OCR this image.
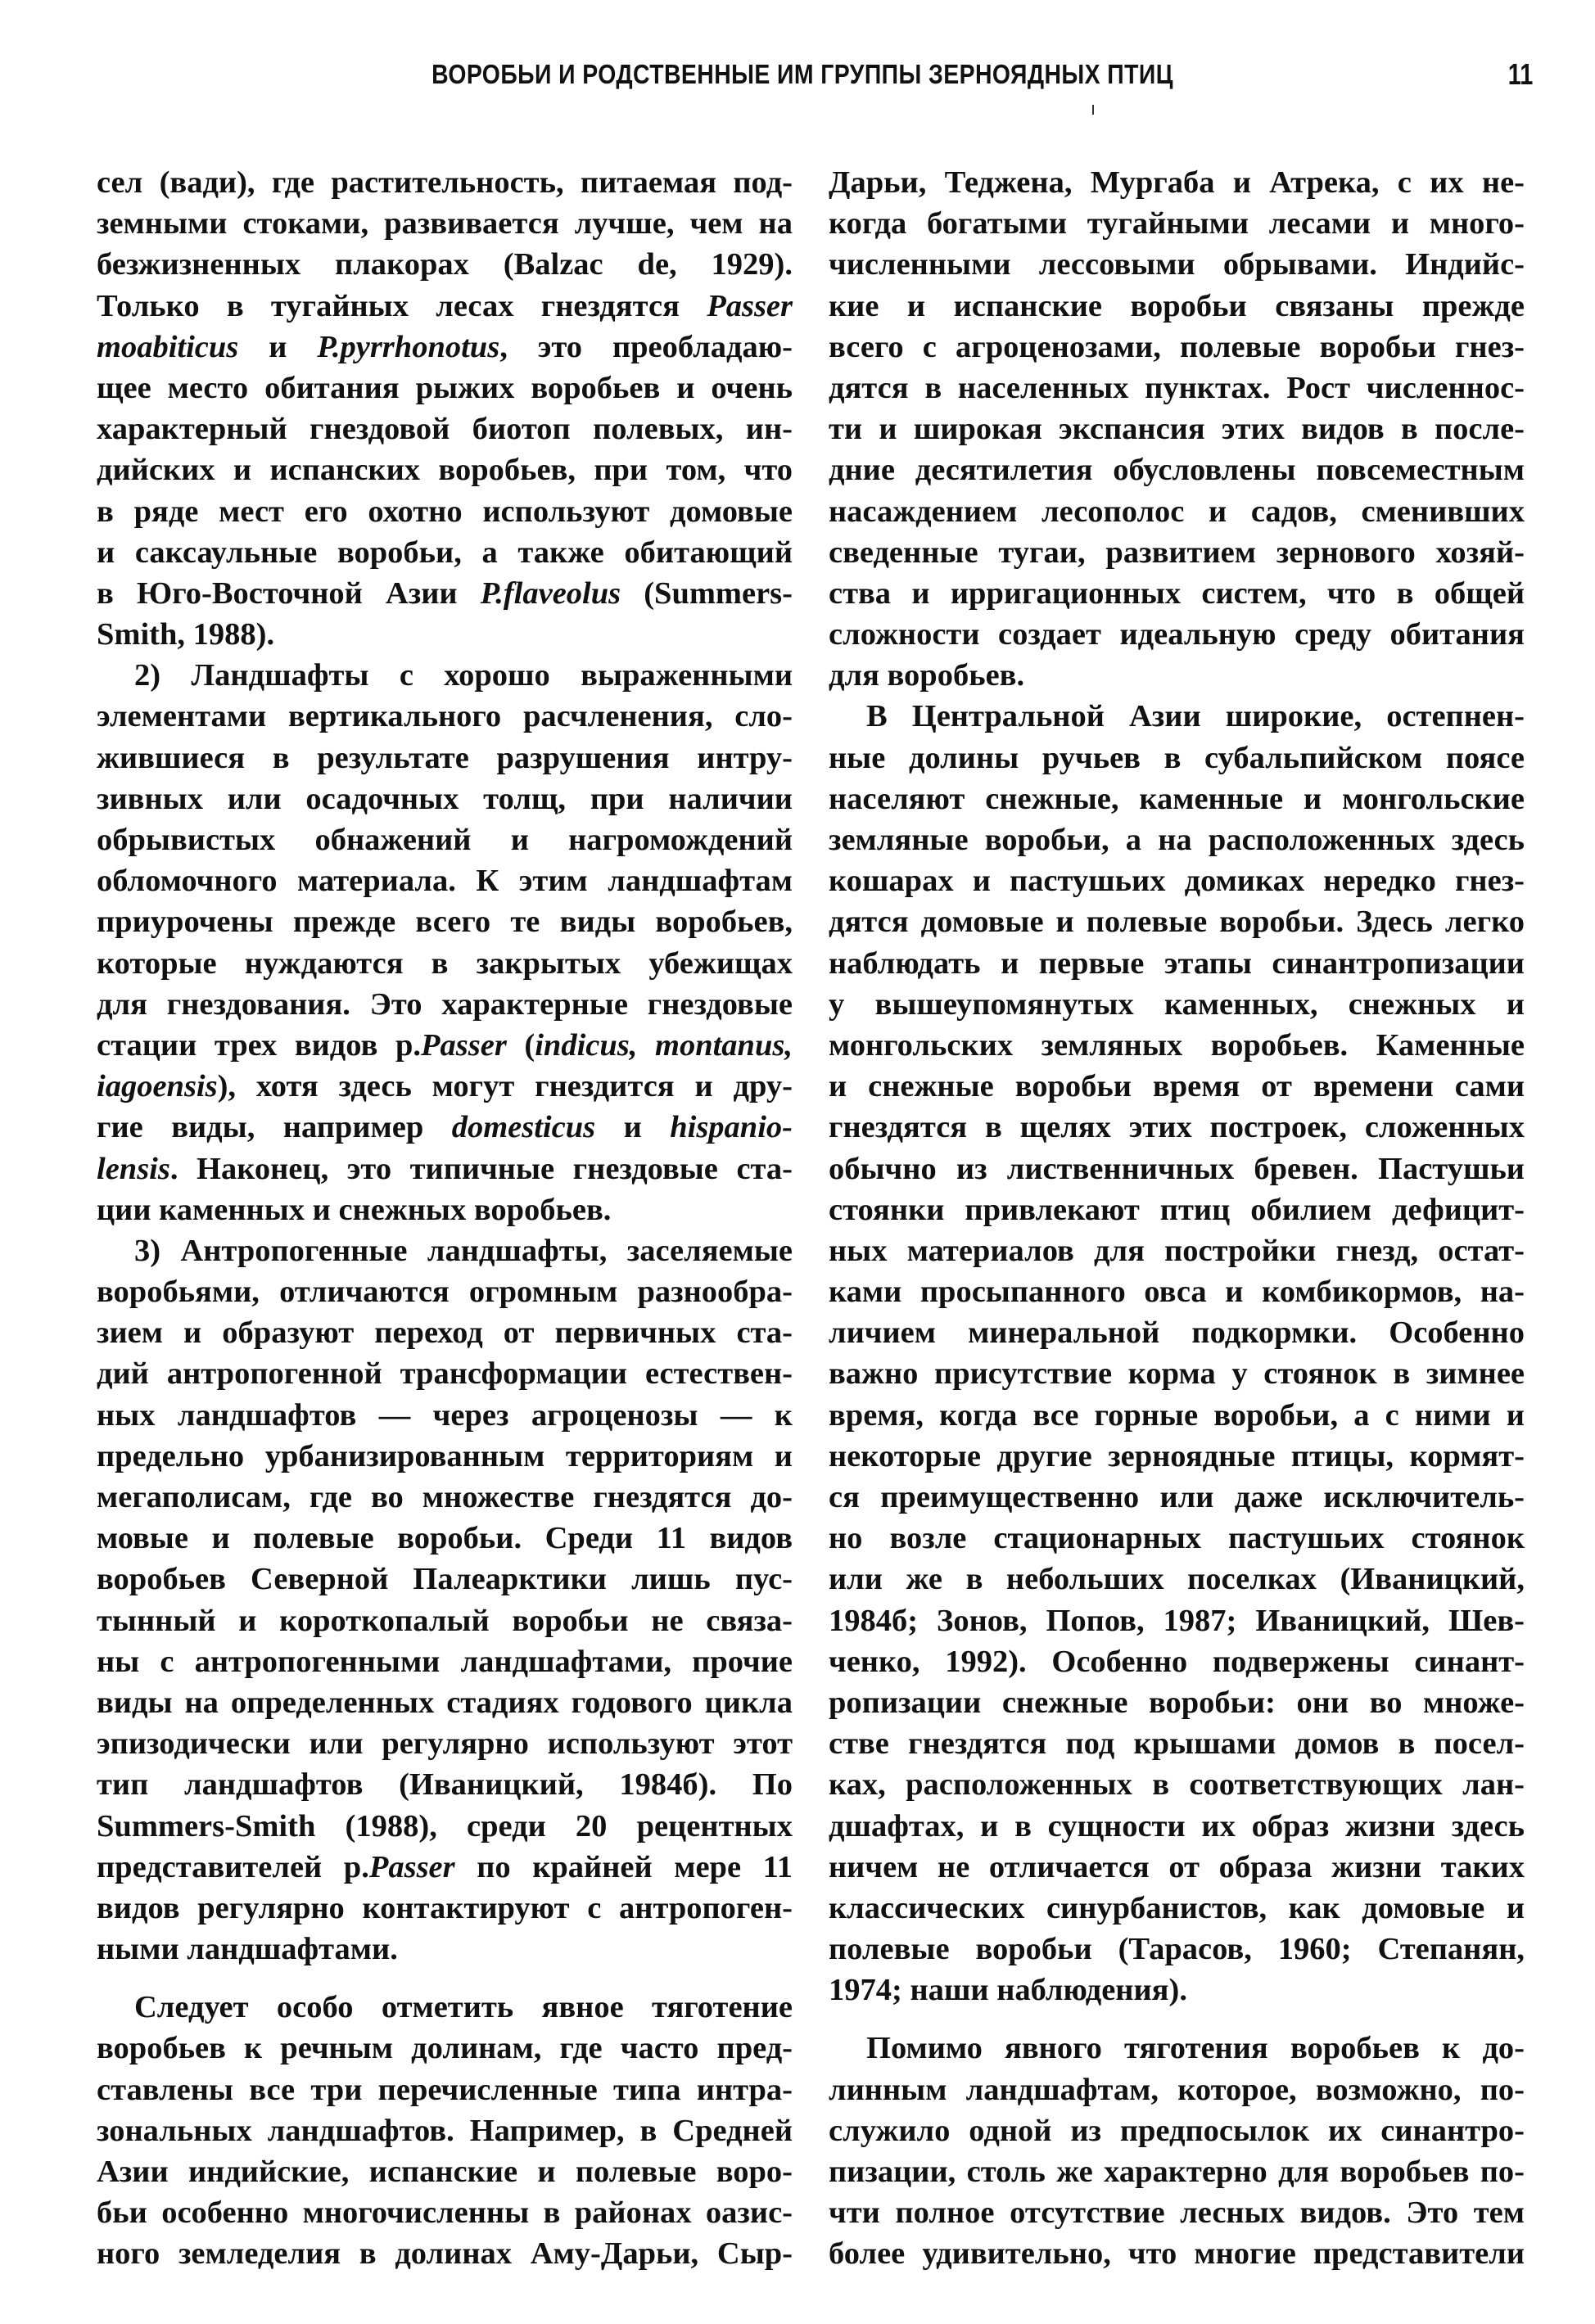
ВОРОБЬИ И РОДСТВЕННЫЕ ИМ ГРУППЫ ЗЕРНОЯДНЫХ ПТИЦ	11
сел (вади), где растительность, питаемая под-
земными стоками, развивается лучше, чем на
безжизненных плакорах (Balzac de, 1929).
Только в тугайных лесах гнездятся Passer
moabiticus и P.pyrrhonotus, это преобладаю-
щее место обитания рыжих воробьев и очень
характерный гнездовой биотоп полевых, ин-
дийских и испанских воробьев, при том, что
в ряде мест его охотно используют домовые
и саксаульные воробьи, а также обитающий
в Юго-Восточной Азии P.flaveolus (Summers-
Smith, 1988).
2) Ландшафты с хорошо выраженными
элементами вертикального расчленения, сло-
жившиеся в результате разрушения интру-
зивных или осадочных толщ, при наличии
обрывистых обнажений и нагромождений
обломочного материала. К этим ландшафтам
приурочены прежде всего те виды воробьев,
которые нуждаются в закрытых убежищах
для гнездования. Это характерные гнездовые
стации трех видов р.Passer (indicus, montanus,
iagoensis), хотя здесь могут гнездится и дру-
гие виды, например domesticus и hispanio-
lensis. Наконец, это типичные гнездовые ста-
ции каменных и снежных воробьев.
3) Антропогенные ландшафты, заселяемые
воробьями, отличаются огромным разнообра-
зием и образуют переход от первичных ста-
дий антропогенной трансформации естествен-
ных ландшафтов — через агроценозы — к
предельно урбанизированным территориям и
мегаполисам, где во множестве гнездятся до-
мовые и полевые воробьи. Среди 11 видов
воробьев Северной Палеарктики лишь пус-
тынный и короткопалый воробьи не связа-
ны с антропогенными ландшафтами, прочие
виды на определенных стадиях годового цикла
эпизодически или регулярно используют этот
тип ландшафтов (Иваницкий, 1984б). По
Summers-Smith (1988), среди 20 рецентных
представителей р.Passer по крайней мере 11
видов регулярно контактируют с антропоген-
ными ландшафтами.
Следует особо отметить явное тяготение
воробьев к речным долинам, где часто пред-
ставлены все три перечисленные типа интра-
зональных ландшафтов. Например, в Средней
Азии индийские, испанские и полевые воро-
бьи особенно многочисленны в районах оазис-
ного земледелия в долинах Аму-Дарьи, Сыр-
Дарьи, Теджена, Мургаба и Атрека, с их не-
когда богатыми тугайными лесами и много-
численными лессовыми обрывами. Индийс-
кие и испанские воробьи связаны прежде
всего с агроценозами, полевые воробьи гнез-
дятся в населенных пунктах. Рост численнос-
ти и широкая экспансия этих видов в после-
дние десятилетия обусловлены повсеместным
насаждением лесополос и садов, сменивших
сведенные тугаи, развитием зернового хозяй-
ства и ирригационных систем, что в общей
сложности создает идеальную среду обитания
для воробьев.
В Центральной Азии широкие, остепнен-
ные долины ручьев в субальпийском поясе
населяют снежные, каменные и монгольские
земляные воробьи, а на расположенных здесь
кошарах и пастушьих домиках нередко гнез-
дятся домовые и полевые воробьи. Здесь легко
наблюдать и первые этапы синантропизации
у вышеупомянутых каменных, снежных и
монгольских земляных воробьев. Каменные
и снежные воробьи время от времени сами
гнездятся в щелях этих построек, сложенных
обычно из лиственничных бревен. Пастушьи
стоянки привлекают птиц обилием дефицит-
ных материалов для постройки гнезд, остат-
ками просыпанного овса и комбикормов, на-
личием минеральной подкормки. Особенно
важно присутствие корма у стоянок в зимнее
время, когда все горные воробьи, а с ними и
некоторые другие зерноядные птицы, кормят-
ся преимущественно или даже исключитель-
но возле стационарных пастушьих стоянок
или же в небольших поселках (Иваницкий,
1984б; Зонов, Попов, 1987; Иваницкий, Шев-
ченко, 1992). Особенно подвержены синант-
ропизации снежные воробьи: они во множе-
стве гнездятся под крышами домов в посел-
ках, расположенных в соответствующих лан-
дшафтах, и в сущности их образ жизни здесь
ничем не отличается от образа жизни таких
классических синурбанистов, как домовые и
полевые воробьи (Тарасов, 1960; Степанян,
1974; наши наблюдения).
Помимо явного тяготения воробьев к до-
линным ландшафтам, которое, возможно, по-
служило одной из предпосылок их синантро-
пизации, столь же характерно для воробьев по-
чти полное отсутствие лесных видов. Это тем
более удивительно, что многие представители
